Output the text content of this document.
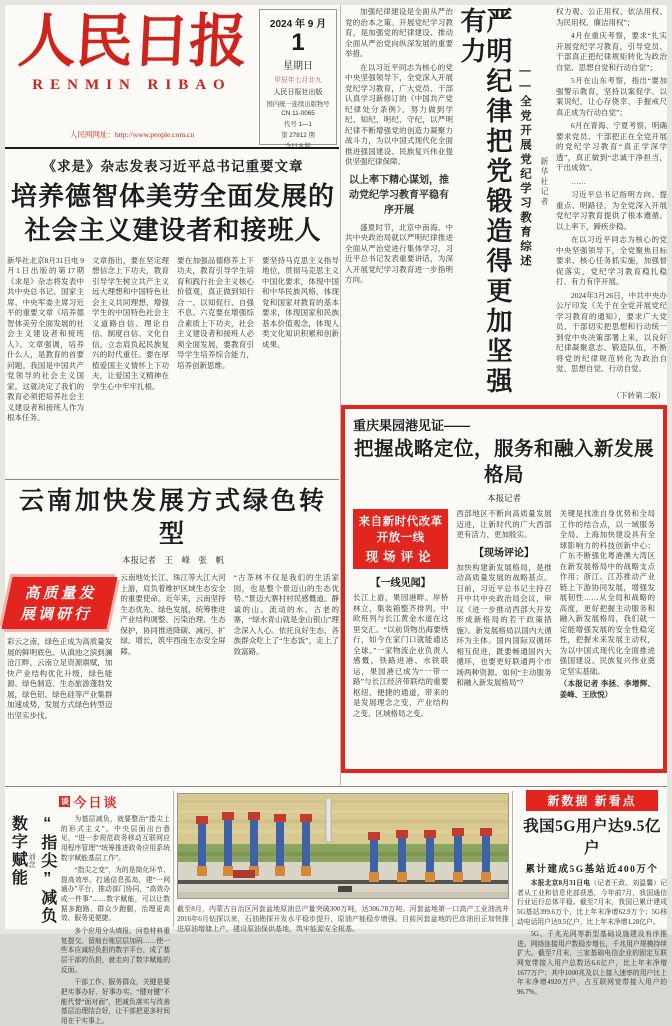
人民日报
RENMIN RIBAO
人民网网址：http://www.people.com.cn
2024 年 9 月
1
星期日
甲辰年七月廿九
人民日报社出版
国内统一连续出版物号
CN 11-0065
代号 1—1
第 27812 期

加强纪律建设是全面从严治党的治本之策。开展党纪学习教育，是加强党的纪律建设、推动全面从严治党向纵深发展的重要举措。

在以习近平同志为核心的党中央坚强领导下，全党深入开展党纪学习教育，广大党员、干部认真学习新修订的《中国共产党纪律处分条例》，努力做到学纪、知纪、明纪、守纪，以严明纪律不断增强党的创造力凝聚力战斗力，为以中国式现代化全面推进强国建设、民族复兴伟业提供坚强纪律保障。

以上率下精心谋划，推动党纪学习教育平稳有序开展

盛夏时节，北京中南海。中共中央政治局就以严明纪律推进全面从严治党进行集体学习，习近平总书记发表重要讲话，为深入开展党纪学习教育进一步指明方向。	严明纪律把党锻造得更加坚强有力
——全党开展党纪学习教育综述 新华社记者

权力观、公正用权、依法用权、为民用权、廉洁用权”；

4月在重庆考察，要求“扎实开展党纪学习教育，引导党员、干部真正把纪律规矩转化为政治自觉、思想自觉和行动自觉”；

5月在山东考察，指出“要加强警示教育，坚持以案促学、以案说纪，让心存侥幸、手握戒尺真正成为行动自觉”；

6月在青海、宁夏考察，明确要求党员、干部把正在全党开展的党纪学习教育“真正学深学透”，真正做到“忠诚干净担当，干出成效”。

……

习近平总书记指明方向、提重点、明路径，为全党深入开展党纪学习教育提供了根本遵循。以上率下，蹄疾步稳。

在以习近平同志为核心的党中央坚强领导下，全党聚焦目标要求、核心任务抓实施，加强督促落实，党纪学习教育稳扎稳打、有力有序开展。

2024年3月26日，中共中央办公厅印发《关于在全党开展党纪学习教育的通知》，要求广大党员、干部切实把思想和行动统一到党中央决策部署上来，以良好纪律凝聚意志、锻造队伍，不断将党的纪律规范转化为政治自觉、思想自觉、行动自觉。

（下转第二版）
《求是》杂志发表习近平总书记重要文章
培养德智体美劳全面发展的
社会主义建设者和接班人
新华社北京8月31日电 9月1日出版的第17期《求是》杂志将发表中共中央总书记、国家主席、中央军委主席习近平的重要文章《培养德智体美劳全面发展的社会主义建设者和接班人》。文章强调，培养什么人，是教育的首要问题。我国是中国共产党领导的社会主义国家，这就决定了我们的教育必须把培养社会主义建设者和接班人作为根本任务。
文章指出，要在坚定理想信念上下功夫，教育引导学生树立共产主义远大理想和中国特色社会主义共同理想，增强学生的中国特色社会主义道路自信、理论自信、制度自信、文化自信，立志肩负起民族复兴的时代重任。要在厚植爱国主义情怀上下功夫，让爱国主义精神在学生心中牢牢扎根。
要在加强品德修养上下功夫，教育引导学生培育和践行社会主义核心价值观，真正做到知行合一、以知促行、自强不息。六克要在增强综合素质上下功夫，社会主义建设者和接班人必须全面发展，要教育引导学生培养综合能力，培养创新思维。
要坚持马克思主义指导地位，贯彻马克思主义中国化要求，体现中国和中华民族风格，体现党和国家对教育的基本要求，体现国家和民族基本价值观念，体现人类文化知识积累和创新成果。
云南加快发展方式绿色转型
本报记者　王　峰　张　帆
高质量发展调研行
彩云之南，绿色正成为高质量发展的鲜明底色。从滇池之滨到澜沧江畔，云南立足资源禀赋，加快产业结构优化升级，绿色能源、绿色制造、生态旅游蓬勃发展，绿色铝、绿色硅等产业集群加速成势，发展方式绿色转型迈出坚实步伐。
云南地处长江、珠江等大江大河上游，肩负着维护区域生态安全的重要使命。近年来，云南坚持生态优先、绿色发展，统筹推进产业结构调整、污染治理、生态保护，协同推进降碳、减污、扩绿、增长，筑牢西南生态安全屏障。
“古茶林不仅是我们的生活家园，也是整个景迈山的生态优势。”景迈大寨村村民感慨道。静谧的山、流动的水、古老的寨，“绿水青山就是金山银山”理念深入人心。依托良好生态，各族群众吃上了“生态饭”，走上了致富路。
重庆果园港见证——
把握战略定位，服务和融入新发展格局
本报记者
来自新时代改革开放一线
现场评论
【一线见闻】
长江上游，果园港畔。岸桥林立，集装箱整齐排列，中欧班列与长江黄金水道在这里交汇。“以前货物出海要绕行，如今在家门口就能通达全球。”一家物流企业负责人感慨。铁路进港、水铁联运，果园港已成为“一带一路”与长江经济带联结的重要枢纽。便捷的通道，带来的是发展理念之变、产业结构之变、区域格局之变。
西部地区不断向高质量发展迈进，让新时代的广大西部更有活力、更加殷实。
【现场评论】
加快构建新发展格局，是推动高质量发展的战略基点。日前，习近平总书记主持召开中共中央政治局会议，审议《进一步推动西部大开发形成新格局的若干政策措施》。新发展格局以国内大循环为主体、国内国际双循环相互促进，既要畅通国内大循环，也要更好联通两个市场两种资源。如何“主动服务和融入新发展格局”？
关键是找准自身优势和全局工作的结合点，以一域服务全局。上海加快建设具有全球影响力的科技创新中心；广东不断强化粤港澳大湾区在新发展格局中的战略支点作用；浙江、江苏推动产业链上下游协同发展，增强发展韧性……从全局和战略的高度，更好把握主动服务和融入新发展格局，我们就一定能增强发展的安全性稳定性，把握未来发展主动权，为以中国式现代化全面推进强国建设、民族复兴伟业奠定坚实基础。
（本报记者 李拯、李增辉、姜峰、王欣悦）
谈 今日谈
“指尖”减负
刘念
数字赋能	为基层减负，就要整治“指尖上的形式主义”。中央层面出台意见，“进一步规范政务移动互联网应用程序管理”“统筹推进政务应用系统数字赋能基层工作”。

“指尖之变”，为的是简化环节、提高效率。打通信息孤岛，建“一网通办”平台，推动部门协同，“高效办成一件事”……数字赋能，可以让数据多跑路、群众少跑腿，治理更高效、服务更便捷。

多个应用分头填报、问卷材料重复提交、留痕台账层层加码……使一些本应减轻负担的数字平台，成了基层干部的负担，就走向了数字赋能的反面。

干部工作、服务群众，关键是要把实事办好、好事办实。“键对键”不能代替“面对面”，把减负落实与改善基层治理结合好，让干部把更多时间用在干实事上。

截至8月，内蒙古自治区河套盆地原油总产量突破300万吨，达306.78万吨。河套盆地第一口高产工业油流井2016年6月钻探以来，石油勘探开发水平稳步提升，原油产能稳步增强。目前河套盆地的巴彦油田正加快推进原油增储上产，建设原油保供基地，筑牢能源安全根基。
新数据 新看点
我国5G用户达9.5亿户
累计建成5G基站近400万个

本报北京8月31日电（记者王政、刘温馨）记者从工业和信息化部获悉，今年前7月，我国通信行业运行总体平稳。截至7月末，我国已累计建成5G基站399.6万个，比上年末净增62.9万个；5G移动电话用户达9.5亿户，比上年末净增1.28亿户。

5G、千兆光网等新型基础设施建设有序推进。网络连接用户数稳步增长，千兆用户规模持续扩大。截至7月末，三家基础电信企业的固定互联网宽带接入用户总数达6.6亿户，比上年末净增1677万户；其中1000兆及以上接入速率的用户比上年末净增4920万户，占互联网宽带接入用户的96.7%。
